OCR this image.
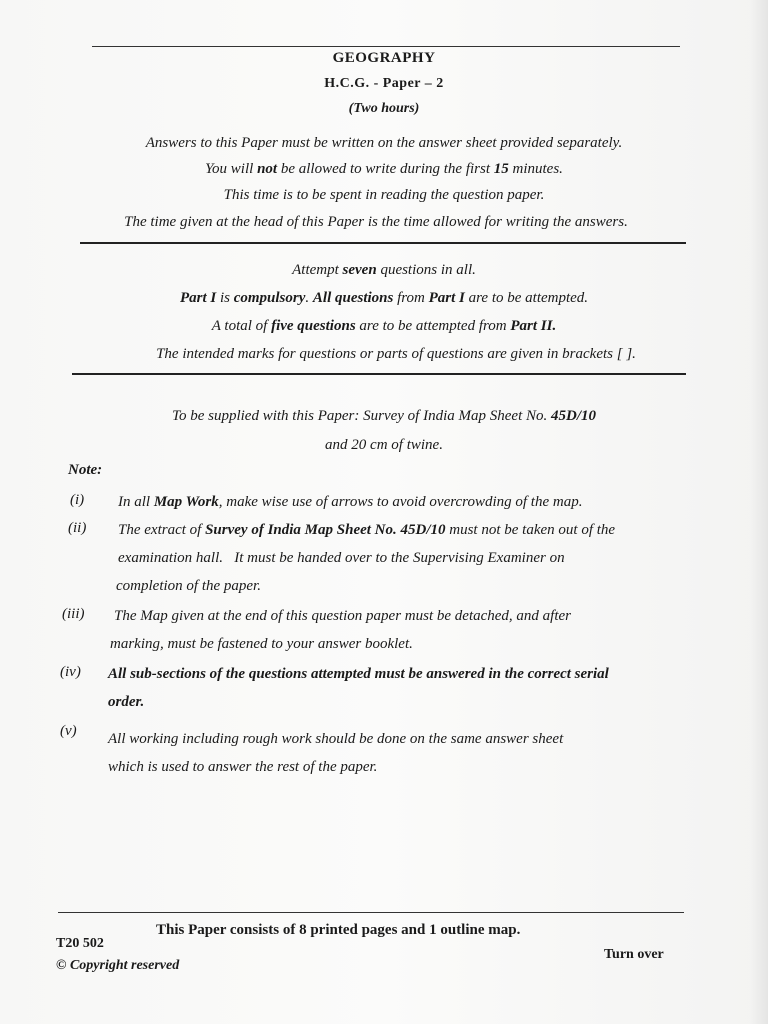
GEOGRAPHY
H.C.G. - Paper – 2
(Two hours)
Answers to this Paper must be written on the answer sheet provided separately.
You will not be allowed to write during the first 15 minutes.
This time is to be spent in reading the question paper.
The time given at the head of this Paper is the time allowed for writing the answers.
Attempt seven questions in all.
Part I is compulsory. All questions from Part I are to be attempted.
A total of five questions are to be attempted from Part II.
The intended marks for questions or parts of questions are given in brackets [ ].
To be supplied with this Paper: Survey of India Map Sheet No. 45D/10
and 20 cm of twine.
Note:
(i) In all Map Work, make wise use of arrows to avoid overcrowding of the map.
(ii) The extract of Survey of India Map Sheet No. 45D/10 must not be taken out of the
examination hall.   It must be handed over to the Supervising Examiner on
completion of the paper.
(iii) The Map given at the end of this question paper must be detached, and after
marking, must be fastened to your answer booklet.
(iv) All sub-sections of the questions attempted must be answered in the correct serial
order.
(v) All working including rough work should be done on the same answer sheet
which is used to answer the rest of the paper.
This Paper consists of 8 printed pages and 1 outline map.
T20 502
© Copyright reserved
Turn over
